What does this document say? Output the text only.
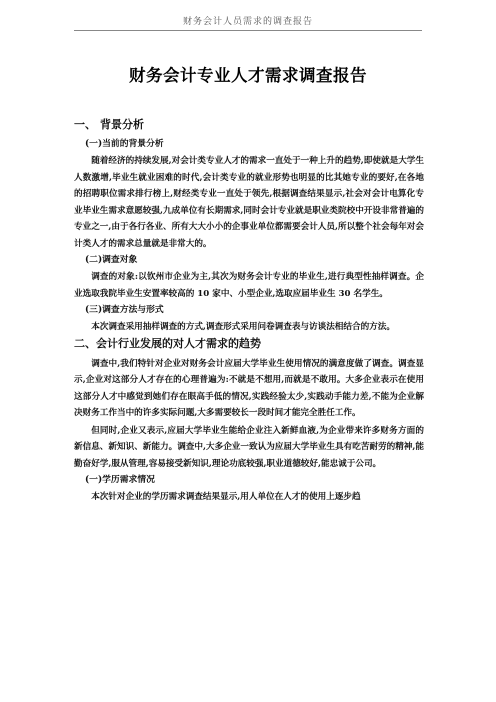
财务会计人员需求的调查报告
财务会计专业人才需求调查报告
一、 背景分析
(一)当前的背景分析
随着经济的持续发展,对会计类专业人才的需求一直处于一种上升的趋势,即使就是大学生人数激增,毕业生就业困难的时代,会计类专业的就业形势也明显的比其她专业的要好,在各地的招聘职位需求排行榜上,财经类专业一直处于领先,根据调查结果显示,社会对会计电算化专业毕业生需求意愿较强,九成单位有长期需求,同时会计专业就是职业类院校中开设非常普遍的专业之一,由于各行各业、所有大大小小的企事业单位都需要会计人员,所以整个社会每年对会计类人才的需求总量就是非常大的。
(二)调查对象
调查的对象:以钦州市企业为主,其次为财务会计专业的毕业生,进行典型性抽样调查。企业选取我院毕业生安置率较高的 10 家中、小型企业,选取应届毕业生 30 名学生。
(三)调查方法与形式
本次调查采用抽样调查的方式,调查形式采用问卷调查表与访谈法相结合的方法。
二、会计行业发展的对人才需求的趋势
调查中,我们特针对企业对财务会计应届大学毕业生使用情况的满意度做了调查。调查显示,企业对这部分人才存在的心理普遍为:不就是不想用,而就是不敢用。大多企业表示在使用这部分人才中感觉到她们存在眼高手低的情况,实践经验太少,实践动手能力差,不能为企业解决财务工作当中的许多实际问题,大多需要较长一段时间才能完全胜任工作。
但同时,企业又表示,应届大学毕业生能给企业注入新鲜血液,为企业带来许多财务方面的新信息、新知识、新能力。调查中,大多企业一致认为应届大学毕业生具有吃苦耐劳的精神,能勤奋好学,服从管理,容易接受新知识,理论功底较强,职业道德较好,能忠诚于公司。
(一)学历需求情况
本次针对企业的学历需求调查结果显示,用人单位在人才的使用上逐步趋
